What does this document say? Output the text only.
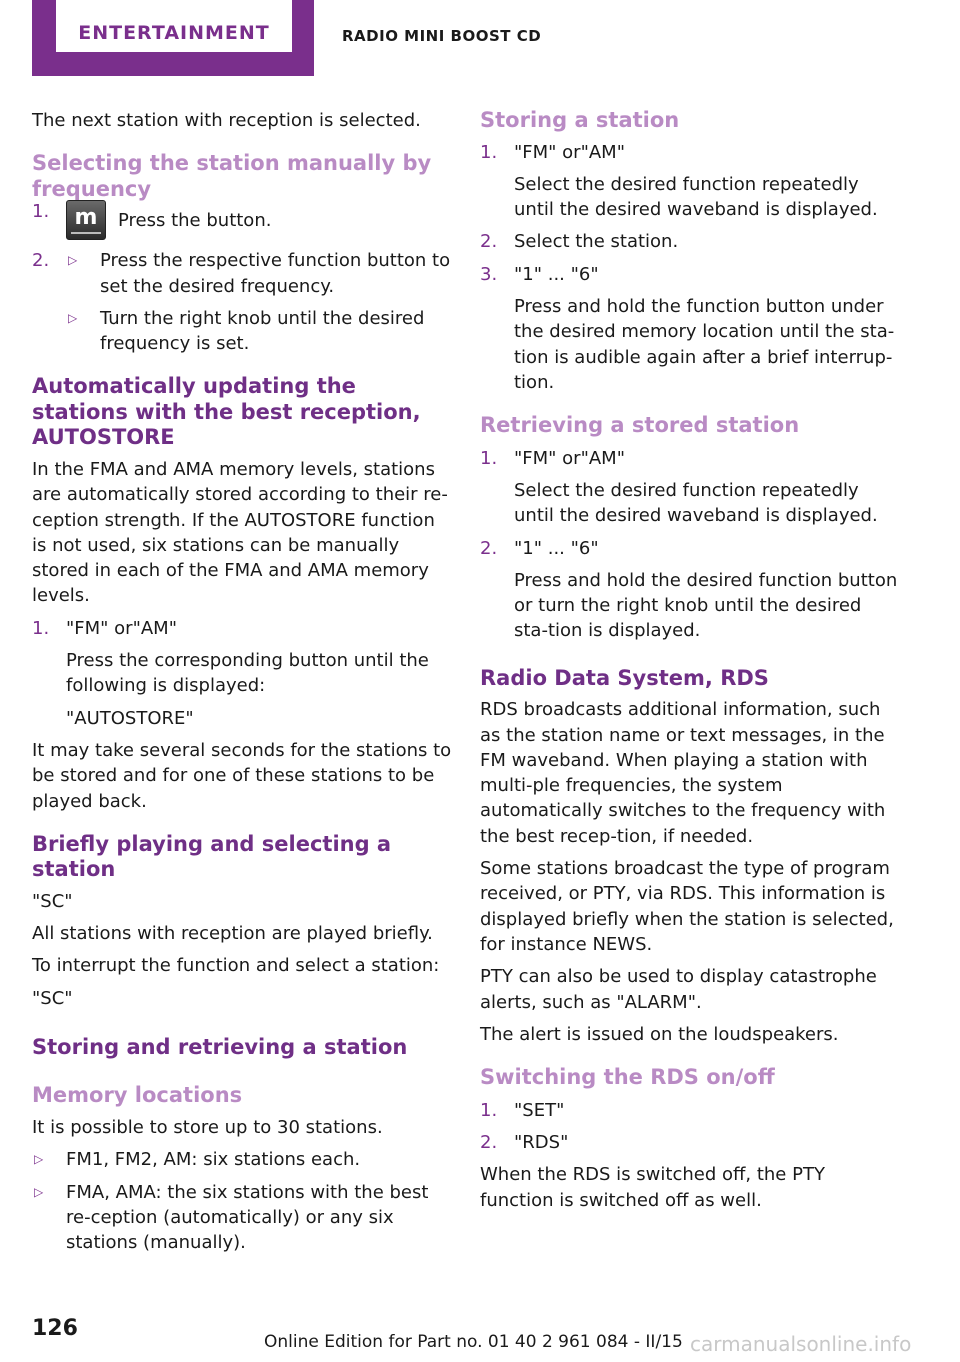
ENTERTAINMENT	RADIO MINI BOOST CD

The next station with reception is selected.

Selecting the station manually by frequency
1.	m	Press the button.
2. ▷ Press the respective function button to set the desired frequency.
▷ Turn the right knob until the desired frequency is set.
Automatically updating the stations with the best reception, AUTOSTORE

In the FMA and AMA memory levels, stations are automatically stored according to their re‐ception strength. If the AUTOSTORE function is not used, six stations can be manually stored in each of the FMA and AMA memory levels.

1. "FM" or"AM"
Press the corresponding button until the following is displayed:
"AUTOSTORE"

It may take several seconds for the stations to be stored and for one of these stations to be played back.

Briefly playing and selecting a station

"SC"

All stations with reception are played briefly.

To interrupt the function and select a station:

"SC"

Storing and retrieving a station
Memory locations

It is possible to store up to 30 stations.

▷ FM1, FM2, AM: six stations each.
▷ FMA, AMA: the six stations with the best re‐ception (automatically) or any six stations (manually).
Storing a station
1. "FM" or"AM"
Select the desired function repeatedly until the desired waveband is displayed.
2. Select the station.
3. "1" ... "6"
Press and hold the function button under the desired memory location until the sta‐tion is audible again after a brief interrup‐tion.
Retrieving a stored station
1. "FM" or"AM"
Select the desired function repeatedly until the desired waveband is displayed.
2. "1" ... "6"
Press and hold the desired function button or turn the right knob until the desired sta‐tion is displayed.
Radio Data System, RDS

RDS broadcasts additional information, such as the station name or text messages, in the FM waveband. When playing a station with multi‐ple frequencies, the system automatically switches to the frequency with the best recep‐tion, if needed.

Some stations broadcast the type of program received, or PTY, via RDS. This information is displayed briefly when the station is selected, for instance NEWS.

PTY can also be used to display catastrophe alerts, such as "ALARM".

The alert is issued on the loudspeakers.

Switching the RDS on/off
1. "SET"
2. "RDS"

When the RDS is switched off, the PTY function is switched off as well.

126
Online Edition for Part no. 01 40 2 961 084 - II/15 carmanualsonline.info
